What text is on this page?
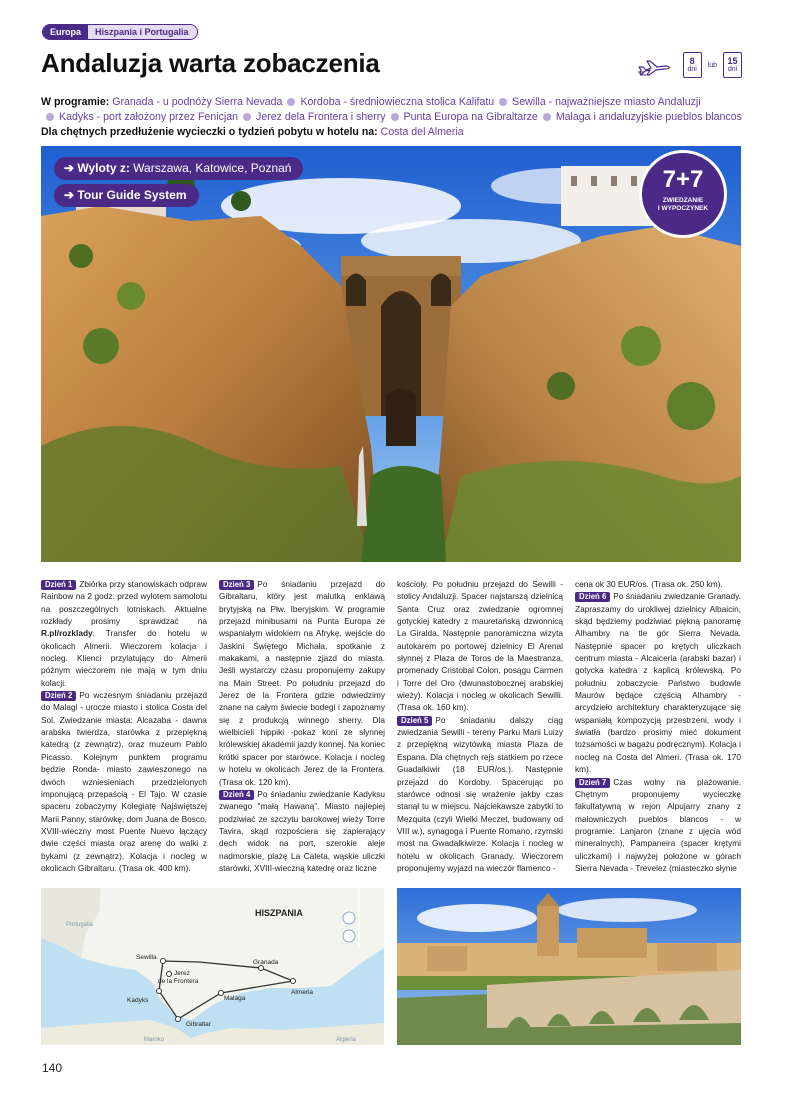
Europa	Hiszpania i Portugalia
Andaluzja warta zobaczenia	8
dni
lub 15
dni
W programie: Granada - u podnóży Sierra Nevada Kordoba - średniowieczna stolica Kalifatu Sewilla - najważniejsze miasto Andaluzji
Kadyks - port założony przez Fenicjan Jerez dela Frontera i sherry Punta Europa na Gibraltarze Malaga i andaluzyjskie pueblos blancos
Dla chętnych przedłużenie wycieczki o tydzień pobytu w hotelu na: Costa del Almeria
➔ Wyloty z: Warszawa, Katowice, Poznań
➔ Tour Guide System
7+7
ZWIEDZANIE
I WYPOCZYNEK
Dzień 1 Zbiórka przy stanowiskach odpraw Rainbow na 2 godz. przed wylotem samolotu na poszczególnych lotniskach. Aktualne rozkłady prosimy sprawdzać na R.pl/rozklady. Transfer do hotelu w okolicach Almerii. Wieczorem kolacja i nocleg. Klienci przylatujący do Almerii późnym wieczorem nie mają w tym dniu kolacji.
Dzień 2 Po wczesnym śniadaniu przejazd do Malagi - urocze miasto i stolica Costa del Sol. Zwiedzanie miasta: Alcazaba - dawna arabska twierdza, starówka z przepiękną katedrą (z zewnątrz), oraz muzeum Pablo Picasso. Kolejnym punktem programu będzie Ronda- miasto zawieszonego na dwóch wzniesieniach przedzielonych imponującą przepaścią - El Tajo. W czasie spaceru zobaczymy Kolegiatę Najświętszej Marii Panny, starówkę, dom Juana de Bosco, XVIII-wieczny most Puente Nuevo łączący dwie części miasta oraz arenę do walki z bykami (z zewnątrz). Kolacja i nocleg w okolicach Gibraltaru. (Trasa ok. 400 km).

Dzień 3 Po śniadaniu przejazd do Gibraltaru, który jest malutką enklawą brytyjską na Płw. Iberyjskim. W programie przejazd minibusami na Punta Europa ze wspaniałym widokiem na Afrykę, wejście do Jaskini Świętego Michała, spotkanie z makakami, a następnie zjazd do miasta. Jeśli wystarczy czasu proponujemy zakupy na Main Street. Po południu przejazd do Jerez de la Frontera gdzie odwiedzimy znane na całym świecie bodegi i zapoznamy się z produkcją winnego sherry. Dla wielbicieli hippiki -pokaz koni ze słynnej królewskiej akademii jazdy konnej. Na koniec krótki spacer por starówce. Kolacja i nocleg w hotelu w okolicach Jerez de la Frontera. (Trasa ok. 120 km).
Dzień 4 Po śniadaniu zwiedzanie Kadyksu zwanego "małą Hawaną". Miasto najlepiej podziwiać ze szczytu barokowej wieży Torre Tavira, skąd rozpościera się zapierający dech widok na port, szerokie aleje nadmorskie, plażę La Caleta, wąskie uliczki starówki, XVIII-wieczną katedrę oraz liczne
kościoły. Po południu przejazd do Sewilli - stolicy Andaluzji. Spacer najstarszą dzielnicą Santa Cruz oraz zwiedzanie ogromnej gotyckiej katedry z mauretańską dzwonnicą La Giralda. Następnie panoramiczna wizyta autokarem po portowej dzielnicy El Arenal słynnej z Plaza de Toros de la Maestranza, promenady Cristobal Colon, posągu Carmen i Torre del Oro (dwunastobocznej arabskiej wieży). Kolacja i nocleg w okolicach Sewilli. (Trasa ok. 160 km).
Dzień 5 Po śniadaniu dalszy ciąg zwiedzania Sewilli - tereny Parku Marii Luizy z przepiękną wizytówką miasta Plaza de Espana. Dla chętnych rejs statkiem po rzece Guadalkiwir (18 EUR/os.). Następnie przejazd do Kordoby. Spacerując po starówce odnosi się wrażenie jakby czas stanął tu w miejscu. Najciekawsze zabytki to Mezquita (czyli Wielki Meczet, budowany od VIII w.), synagoga i Puente Romano, rzymski most na Gwadalkiwirze. Kolacja i nocleg w hotelu w okolicach Granady. Wieczorem proponujemy wyjazd na wieczór flamenco -
cena ok 30 EUR/os. (Trasa ok. 250 km).
Dzień 6 Po śniadaniu zwiedzanie Granady. Zapraszamy do urokliwej dzielnicy Albaicin, skąd będziemy podziwiać piękną panoramę Alhambry na tle gór Sierra Nevada. Następnie spacer po krętych uliczkach centrum miasta - Alcaiceria (arabski bazar) i gotycka katedra z kaplicą królewską. Po południu zobaczycie Państwo budowle Maurów będące częścią Alhambry - arcydzieło architektury charakteryzujące się wspaniałą kompozycją przestrzeni, wody i światła (bardzo prosimy mieć dokument tożsamości w bagażu podręcznym). Kolacja i nocleg na Costa del Almeri. (Trasa ok. 170 km).
Dzień 7 Czas wolny na plażowanie. Chętnym proponujemy wycieczkę fakultatywną w rejon Alpujarry znany z malowniczych pueblos blancos - w programie: Lanjaron (znane z ujęcia wód mineralnych), Pampaneira (spacer krętymi uliczkami) i najwyżej położone w górach Sierra Nevada - Trevelez (miasteczko słynie
HISZPANIA
Portugalia
Maroko	Algieria
Sewilla
Jerez
de la Frontera
Kadyks
Gibraltar
Malaga
Granada
Almeria
140
